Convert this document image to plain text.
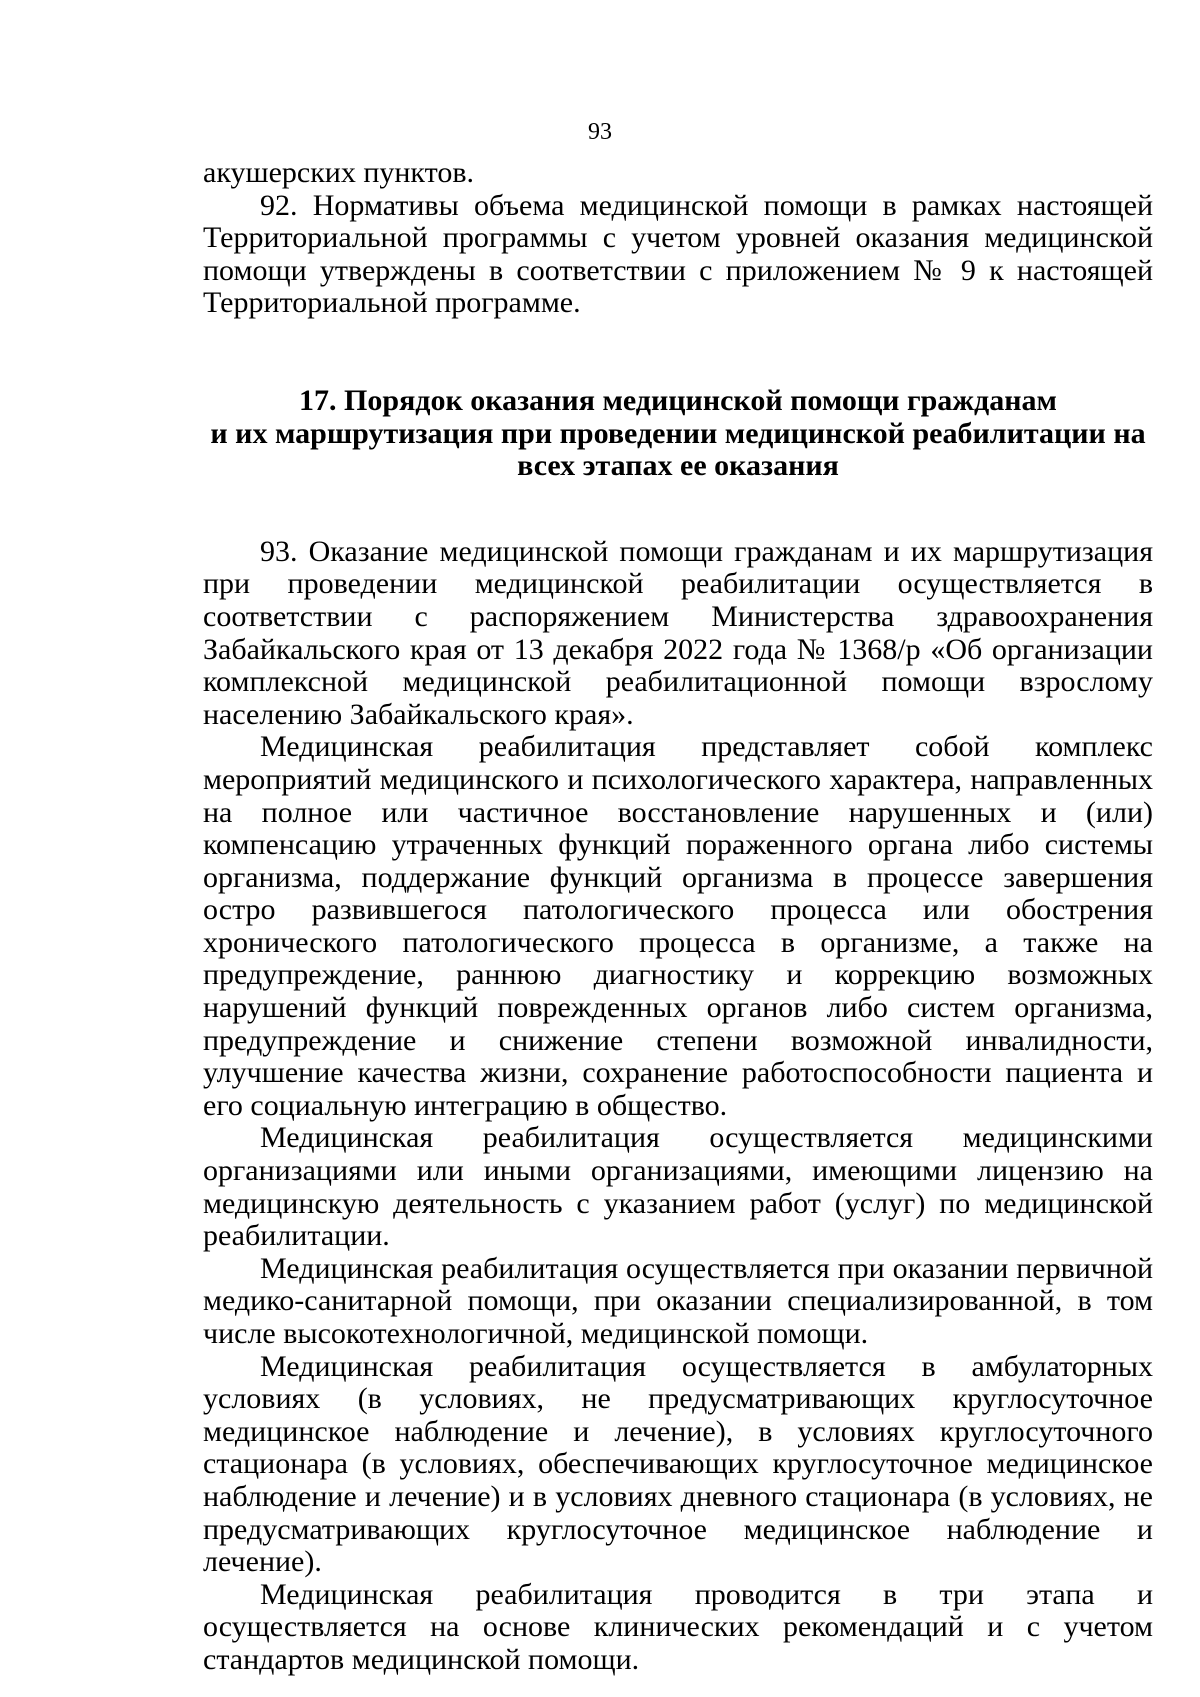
93

акушерских пунктов.

92. Нормативы объема медицинской помощи в рамках настоящей Территориальной программы с учетом уровней оказания медицинской помощи утверждены в соответствии с приложением № 9 к настоящей Территориальной программе.

17. Порядок оказания медицинской помощи гражданам
и их маршрутизация при проведении медицинской реабилитации на
всех этапах ее оказания

93. Оказание медицинской помощи гражданам и их маршрутизация при проведении медицинской реабилитации осуществляется в соответствии с распоряжением Министерства здравоохранения Забайкальского края от 13 декабря 2022 года № 1368/р «Об организации комплексной медицинской реабилитационной помощи взрослому населению Забайкальского края».

Медицинская реабилитация представляет собой комплекс мероприятий медицинского и психологического характера, направленных на полное или частичное восстановление нарушенных и (или) компенсацию утраченных функций пораженного органа либо системы организма, поддержание функций организма в процессе завершения остро развившегося патологического процесса или обострения хронического патологического процесса в организме, а также на предупреждение, раннюю диагностику и коррекцию возможных нарушений функций поврежденных органов либо систем организма, предупреждение и снижение степени возможной инвалидности, улучшение качества жизни, сохранение работоспособности пациента и его социальную интеграцию в общество.

Медицинская реабилитация осуществляется медицинскими организациями или иными организациями, имеющими лицензию на медицинскую деятельность с указанием работ (услуг) по медицинской реабилитации.

Медицинская реабилитация осуществляется при оказании первичной медико-санитарной помощи, при оказании специализированной, в том числе высокотехнологичной, медицинской помощи.

Медицинская реабилитация осуществляется в амбулаторных условиях (в условиях, не предусматривающих круглосуточное медицинское наблюдение и лечение), в условиях круглосуточного стационара (в условиях, обеспечивающих круглосуточное медицинское наблюдение и лечение) и в условиях дневного стационара (в условиях, не предусматривающих круглосуточное медицинское наблюдение и лечение).

Медицинская реабилитация проводится в три этапа и осуществляется на основе клинических рекомендаций и с учетом стандартов медицинской помощи.
